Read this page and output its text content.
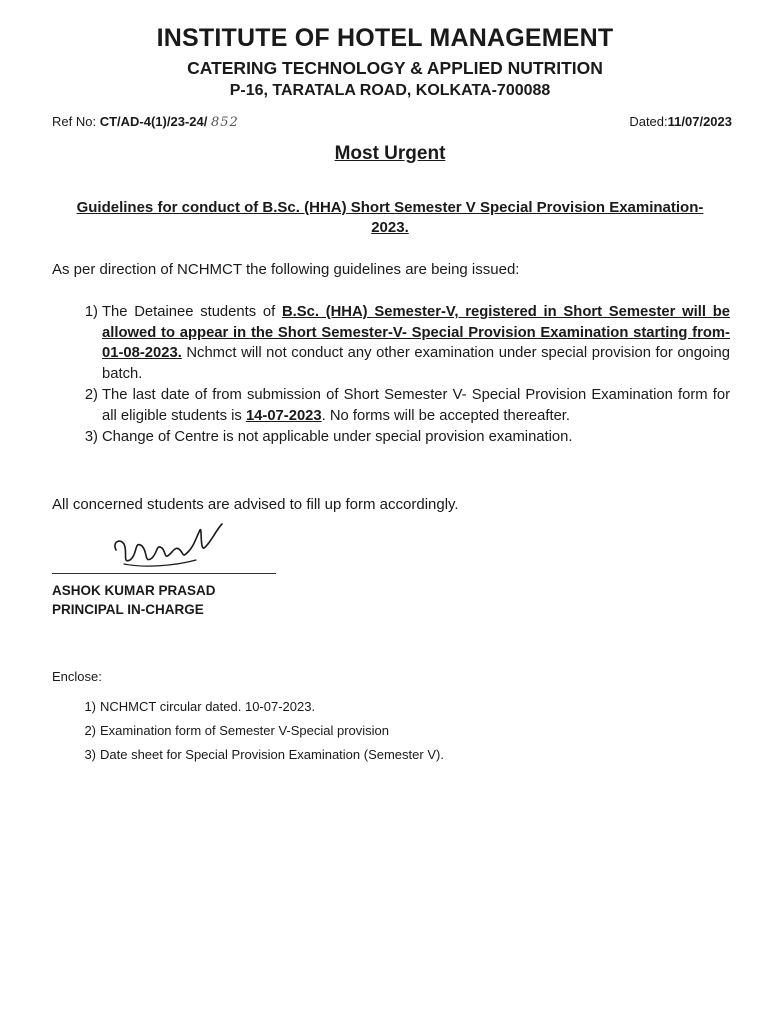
INSTITUTE OF HOTEL MANAGEMENT
CATERING TECHNOLOGY & APPLIED NUTRITION
P-16, TARATALA ROAD, KOLKATA-700088
Ref No: CT/AD-4(1)/23-24/ 852	Dated:11/07/2023
Most Urgent
Guidelines for conduct of B.Sc. (HHA) Short Semester V Special Provision Examination-2023.
As per direction of NCHMCT the following guidelines are being issued:
1) The Detainee students of B.Sc. (HHA) Semester-V, registered in Short Semester will be allowed to appear in the Short Semester-V- Special Provision Examination starting from-01-08-2023. Nchmct will not conduct any other examination under special provision for ongoing batch.
2) The last date of from submission of Short Semester V- Special Provision Examination form for all eligible students is 14-07-2023. No forms will be accepted thereafter.
3) Change of Centre is not applicable under special provision examination.
All concerned students are advised to fill up form accordingly.
ASHOK KUMAR PRASAD
PRINCIPAL IN-CHARGE
Enclose:
1) NCHMCT circular dated. 10-07-2023.
2) Examination form of Semester V-Special provision
3) Date sheet for Special Provision Examination (Semester V).
